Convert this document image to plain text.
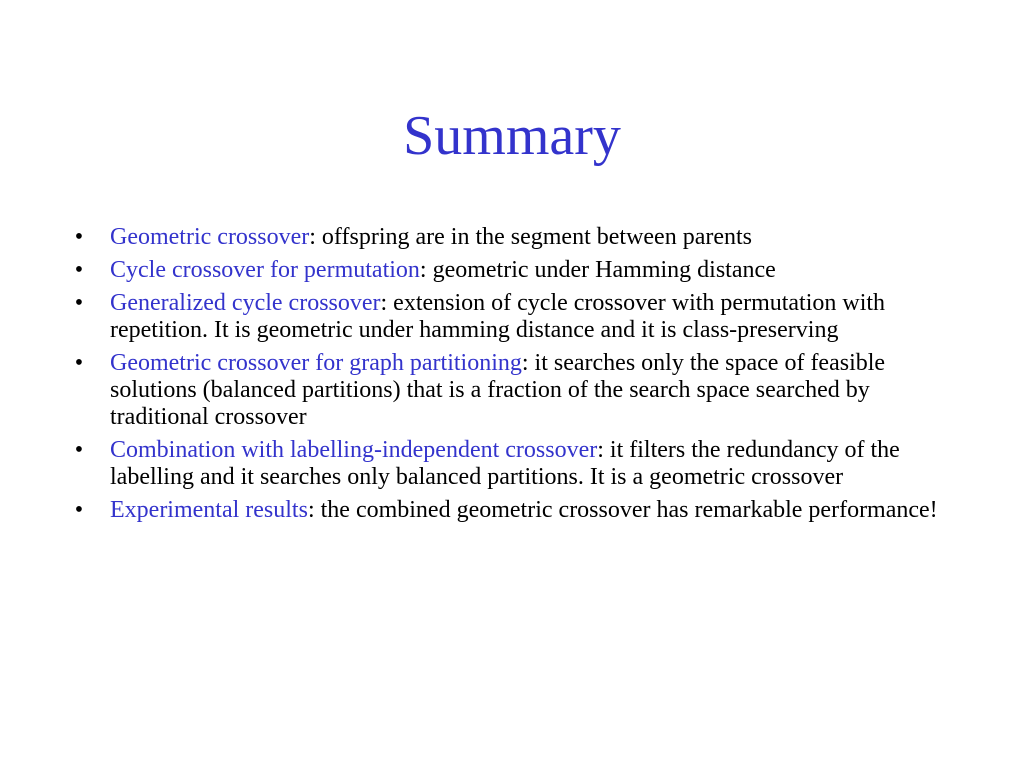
Summary
• Geometric crossover: offspring are in the segment between parents
• Cycle crossover for permutation: geometric under Hamming distance
• Generalized cycle crossover: extension of cycle crossover with permutation with repetition. It is geometric under hamming distance and it is class-preserving
• Geometric crossover for graph partitioning: it searches only the space of feasible solutions (balanced partitions) that is a fraction of the search space searched by traditional crossover
• Combination with labelling-independent crossover: it filters the redundancy of the labelling and it searches only balanced partitions. It is a geometric crossover
• Experimental results: the combined geometric crossover has remarkable performance!
